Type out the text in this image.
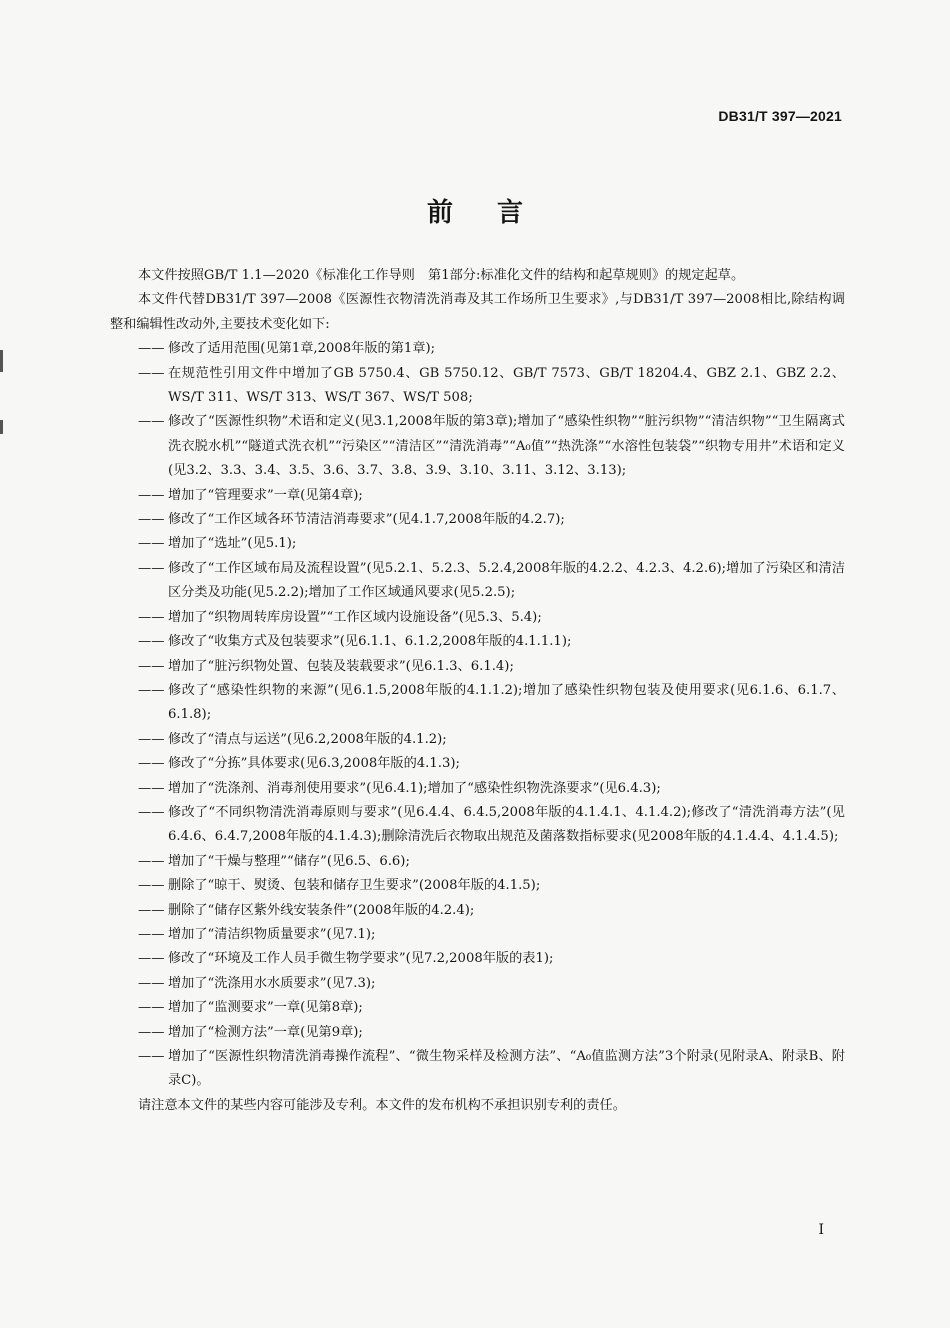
DB31/T 397—2021
前言

本文件按照GB/T 1.1—2020《标准化工作导则　第1部分:标准化文件的结构和起草规则》的规定起草。

本文件代替DB31/T 397—2008《医源性衣物清洗消毒及其工作场所卫生要求》,与DB31/T 397—2008相比,除结构调整和编辑性改动外,主要技术变化如下:

—— 修改了适用范围(见第1章,2008年版的第1章);
—— 在规范性引用文件中增加了GB 5750.4、GB 5750.12、GB/T 7573、GB/T 18204.4、GBZ 2.1、GBZ 2.2、WS/T 311、WS/T 313、WS/T 367、WS/T 508;
—— 修改了“医源性织物”术语和定义(见3.1,2008年版的第3章);增加了“感染性织物”“脏污织物”“清洁织物”“卫生隔离式洗衣脱水机”“隧道式洗衣机”“污染区”“清洁区”“清洗消毒”“A₀值”“热洗涤”“水溶性包装袋”“织物专用井”术语和定义(见3.2、3.3、3.4、3.5、3.6、3.7、3.8、3.9、3.10、3.11、3.12、3.13);
—— 增加了“管理要求”一章(见第4章);
—— 修改了“工作区域各环节清洁消毒要求”(见4.1.7,2008年版的4.2.7);
—— 增加了“选址”(见5.1);
—— 修改了“工作区域布局及流程设置”(见5.2.1、5.2.3、5.2.4,2008年版的4.2.2、4.2.3、4.2.6);增加了污染区和清洁区分类及功能(见5.2.2);增加了工作区域通风要求(见5.2.5);
—— 增加了“织物周转库房设置”“工作区域内设施设备”(见5.3、5.4);
—— 修改了“收集方式及包装要求”(见6.1.1、6.1.2,2008年版的4.1.1.1);
—— 增加了“脏污织物处置、包装及装载要求”(见6.1.3、6.1.4);
—— 修改了“感染性织物的来源”(见6.1.5,2008年版的4.1.1.2);增加了感染性织物包装及使用要求(见6.1.6、6.1.7、6.1.8);
—— 修改了“清点与运送”(见6.2,2008年版的4.1.2);
—— 修改了“分拣”具体要求(见6.3,2008年版的4.1.3);
—— 增加了“洗涤剂、消毒剂使用要求”(见6.4.1);增加了“感染性织物洗涤要求”(见6.4.3);
—— 修改了“不同织物清洗消毒原则与要求”(见6.4.4、6.4.5,2008年版的4.1.4.1、4.1.4.2);修改了“清洗消毒方法”(见6.4.6、6.4.7,2008年版的4.1.4.3);删除清洗后衣物取出规范及菌落数指标要求(见2008年版的4.1.4.4、4.1.4.5);
—— 增加了“干燥与整理”“储存”(见6.5、6.6);
—— 删除了“晾干、熨烫、包装和储存卫生要求”(2008年版的4.1.5);
—— 删除了“储存区紫外线安装条件”(2008年版的4.2.4);
—— 增加了“清洁织物质量要求”(见7.1);
—— 修改了“环境及工作人员手微生物学要求”(见7.2,2008年版的表1);
—— 增加了“洗涤用水水质要求”(见7.3);
—— 增加了“监测要求”一章(见第8章);
—— 增加了“检测方法”一章(见第9章);
—— 增加了“医源性织物清洗消毒操作流程”、“微生物采样及检测方法”、“A₀值监测方法”3个附录(见附录A、附录B、附录C)。

请注意本文件的某些内容可能涉及专利。本文件的发布机构不承担识别专利的责任。

I
